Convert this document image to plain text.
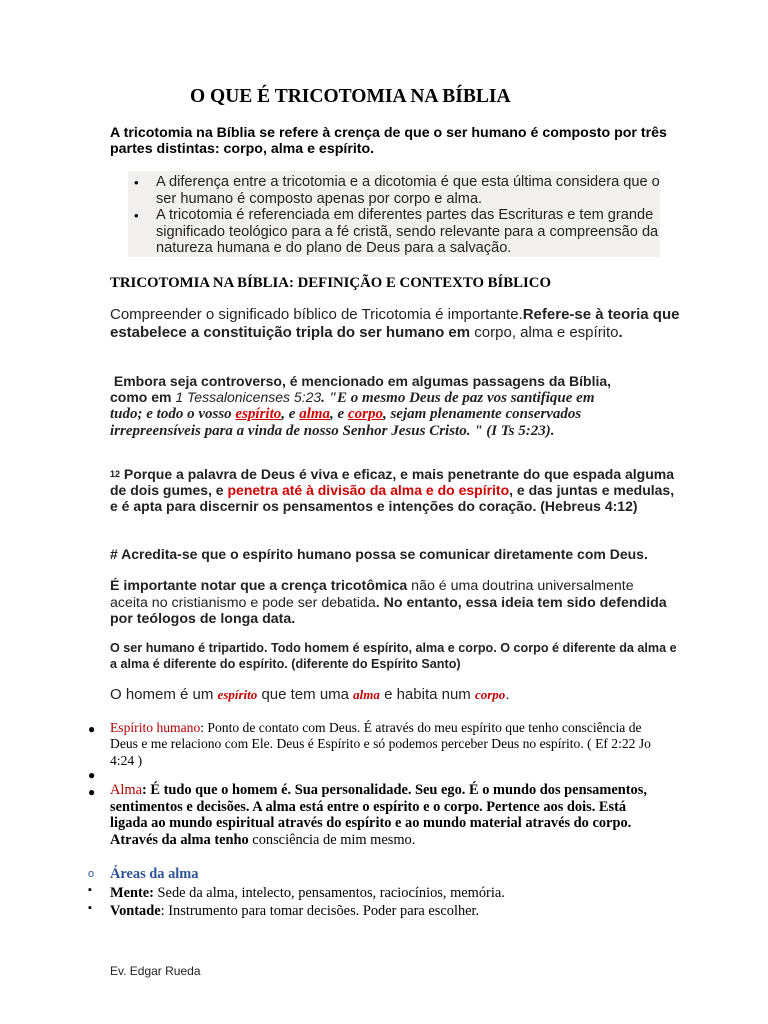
O QUE É TRICOTOMIA NA BÍBLIA
A tricotomia na Bíblia se refere à crença de que o ser humano é composto por três partes distintas: corpo, alma e espírito.
•
•
A diferença entre a tricotomia e a dicotomia é que esta última considera que o ser humano é composto apenas por corpo e alma.
A tricotomia é referenciada em diferentes partes das Escrituras e tem grande significado teológico para a fé cristã, sendo relevante para a compreensão da natureza humana e do plano de Deus para a salvação.
TRICOTOMIA NA BÍBLIA: DEFINIÇÃO E CONTEXTO BÍBLICO
Compreender o significado bíblico de Tricotomia é importante.Refere-se à teoria que estabelece a constituição tripla do ser humano em corpo, alma e espírito.
Embora seja controverso, é mencionado em algumas passagens da Bíblia, como em 1 Tessalonicenses 5:23. "E o mesmo Deus de paz vos santifique em tudo; e todo o vosso espírito, e alma, e corpo, sejam plenamente conservados irrepreensíveis para a vinda de nosso Senhor Jesus Cristo. " (I Ts 5:23).
$^{12}$ Porque a palavra de Deus é viva e eficaz, e mais penetrante do que espada alguma de dois gumes, e penetra até à divisão da alma e do espírito, e das juntas e medulas, e é apta para discernir os pensamentos e intenções do coração. (Hebreus 4:12)
# Acredita-se que o espírito humano possa se comunicar diretamente com Deus.
É importante notar que a crença tricotômica não é uma doutrina universalmente aceita no cristianismo e pode ser debatida. No entanto, essa ideia tem sido defendida por teólogos de longa data.
O ser humano é tripartido. Todo homem é espírito, alma e corpo. O corpo é diferente da alma e a alma é diferente do espírito. (diferente do Espírito Santo)
O homem é um espírito que tem uma alma e habita num corpo.
● Espírito humano: Ponto de contato com Deus. É através do meu espírito que tenho consciência de Deus e me relaciono com Ele. Deus é Espírito e só podemos perceber Deus no espírito. ( Ef 2:22 Jo 4:24 )
●
● Alma: É tudo que o homem é. Sua personalidade. Seu ego. É o mundo dos pensamentos, sentimentos e decisões. A alma está entre o espírito e o corpo. Pertence aos dois. Está ligada ao mundo espiritual através do espírito e ao mundo material através do corpo. Através da alma tenho consciência de mim mesmo.
o Áreas da alma
▪ Mente: Sede da alma, intelecto, pensamentos, raciocínios, memória.
▪ Vontade: Instrumento para tomar decisões. Poder para escolher.
Ev. Edgar Rueda
